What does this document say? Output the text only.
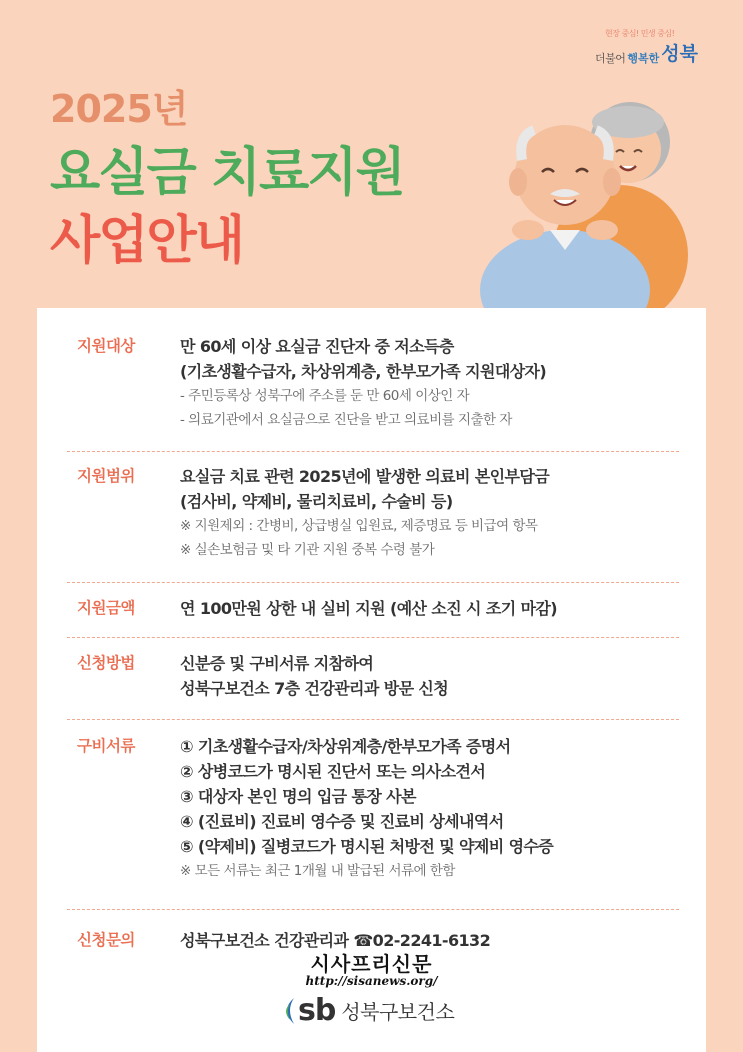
현장 중심! 민생 중심!
더불어 행복한 성북
2025년
요실금 치료지원
사업안내
지원대상	만 60세 이상 요실금 진단자 중 저소득층
(기초생활수급자, 차상위계층, 한부모가족 지원대상자)
- 주민등록상 성북구에 주소를 둔 만 60세 이상인 자
- 의료기관에서 요실금으로 진단을 받고 의료비를 지출한 자
지원범위	요실금 치료 관련 2025년에 발생한 의료비 본인부담금
(검사비, 약제비, 물리치료비, 수술비 등)
※ 지원제외 : 간병비, 상급병실 입원료, 제증명료 등 비급여 항목
※ 실손보험금 및 타 기관 지원 중복 수령 불가
지원금액	연 100만원 상한 내 실비 지원 (예산 소진 시 조기 마감)
신청방법	신분증 및 구비서류 지참하여
성북구보건소 7층 건강관리과 방문 신청
구비서류	① 기초생활수급자/차상위계층/한부모가족 증명서
② 상병코드가 명시된 진단서 또는 의사소견서
③ 대상자 본인 명의 입금 통장 사본
④ (진료비) 진료비 영수증 및 진료비 상세내역서
⑤ (약제비) 질병코드가 명시된 처방전 및 약제비 영수증
※ 모든 서류는 최근 1개월 내 발급된 서류에 한함
신청문의	성북구보건소 건강관리과 ☎02-2241-6132
시사프리신문
http://sisanews.org/
sb 성북구보건소
